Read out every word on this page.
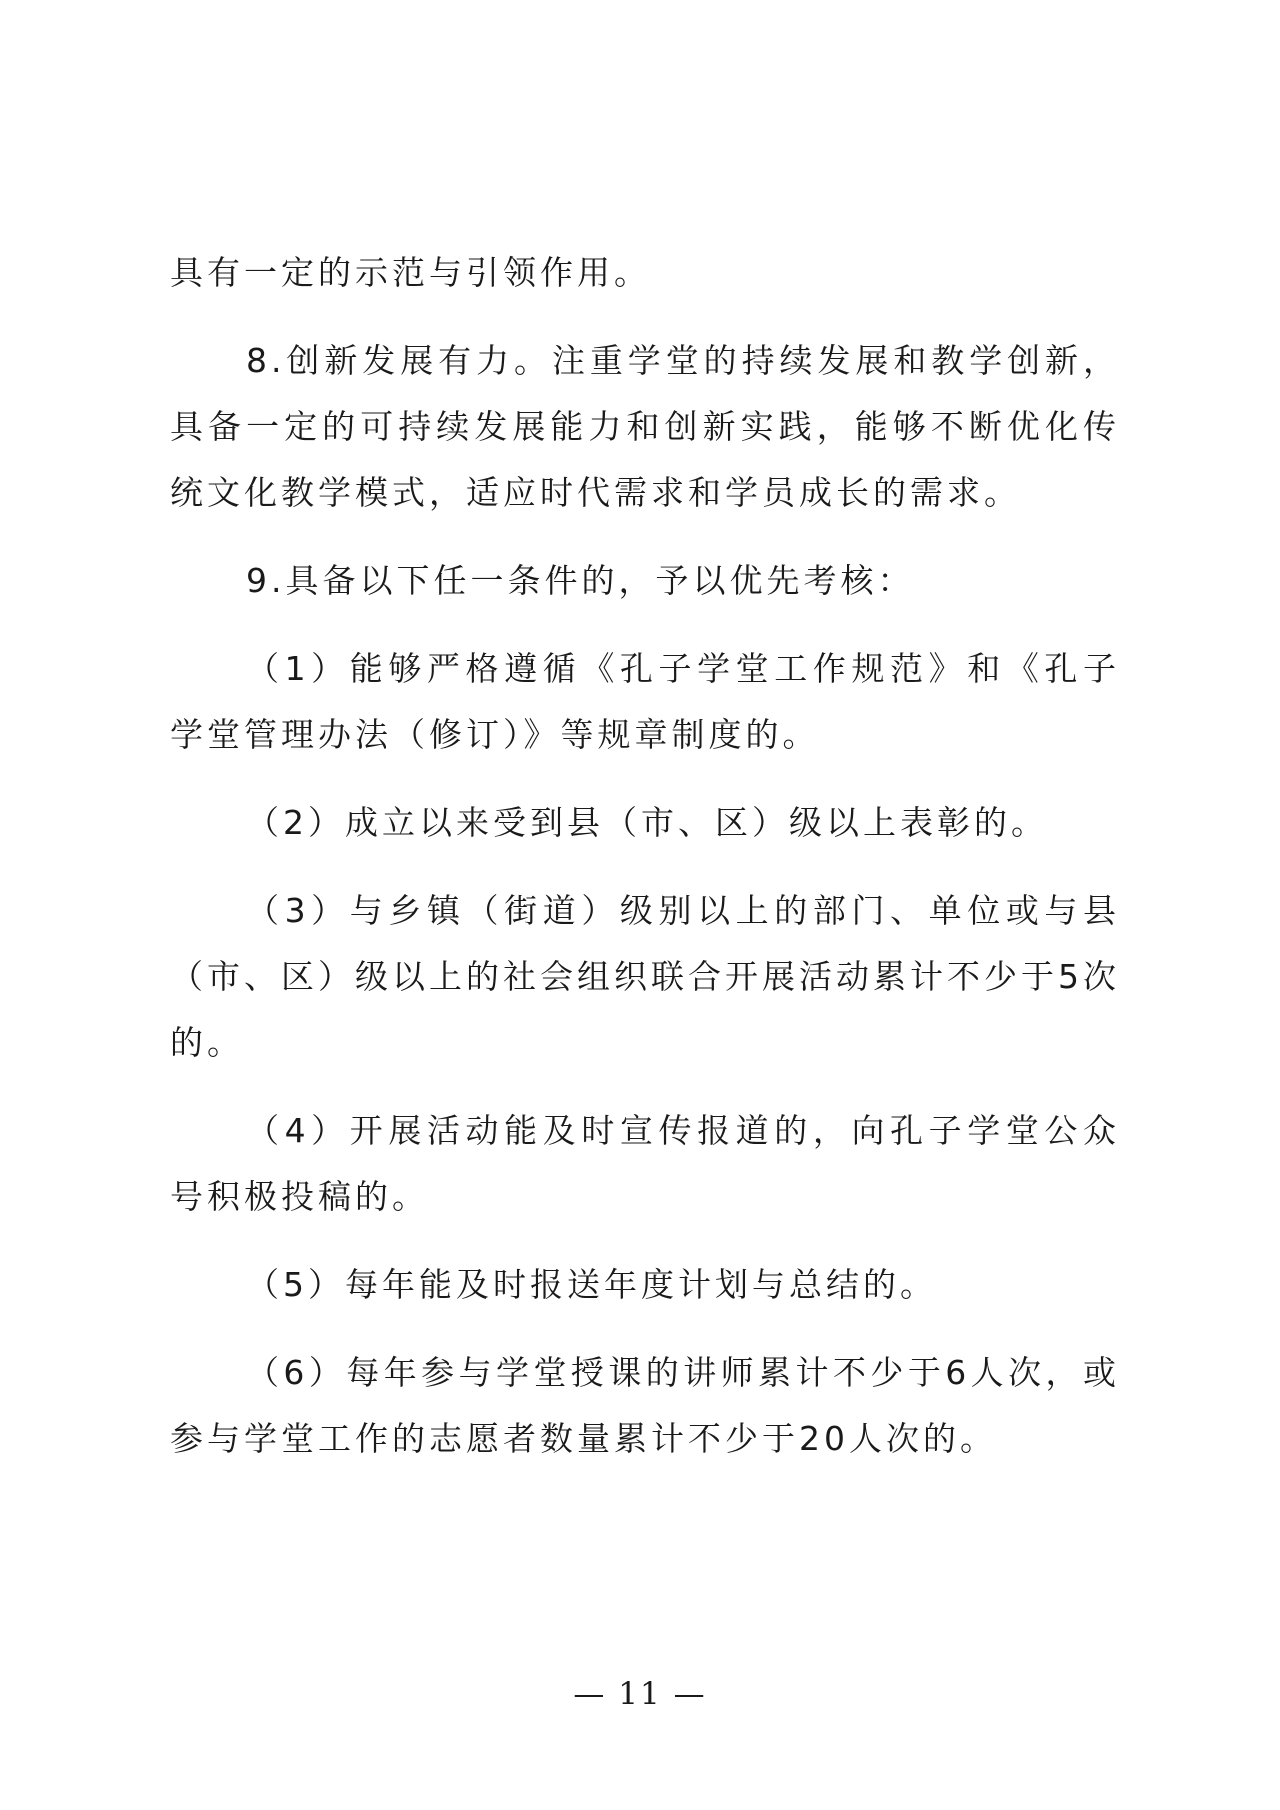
具有一定的示范与引领作用。

8.创新发展有力。注重学堂的持续发展和教学创新，具备一定的可持续发展能力和创新实践，能够不断优化传统文化教学模式，适应时代需求和学员成长的需求。

9.具备以下任一条件的，予以优先考核：

（1）能够严格遵循《孔子学堂工作规范》和《孔子学堂管理办法（修订）》等规章制度的。

（2）成立以来受到县（市、区）级以上表彰的。

（3）与乡镇（街道）级别以上的部门、单位或与县（市、区）级以上的社会组织联合开展活动累计不少于5次的。

（4）开展活动能及时宣传报道的，向孔子学堂公众号积极投稿的。

（5）每年能及时报送年度计划与总结的。

（6）每年参与学堂授课的讲师累计不少于6人次，或参与学堂工作的志愿者数量累计不少于20人次的。

— 11 —
